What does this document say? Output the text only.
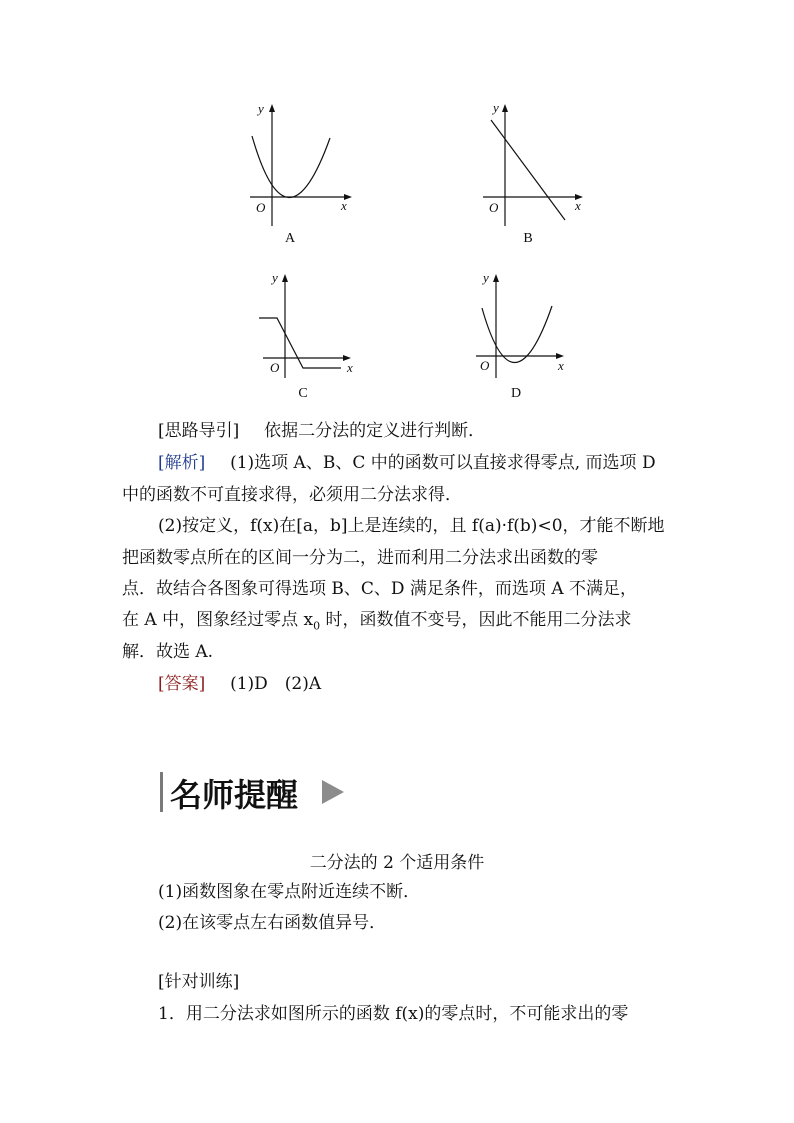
y
x
O
A
y
x
O
B
y
x
O
C
y
x
O
D
[思路导引] 依据二分法的定义进行判断．
[解析] (1)选项 A、B、C 中的函数可以直接求得零点, 而选项 D
中的函数不可直接求得，必须用二分法求得．
(2)按定义，f(x)在[a，b]上是连续的，且 f(a)·f(b)<0，才能不断地
把函数零点所在的区间一分为二，进而利用二分法求出函数的零
点．故结合各图象可得选项 B、C、D 满足条件，而选项 A 不满足，
在 A 中，图象经过零点 $x_0$ 时，函数值不变号，因此不能用二分法求
解．故选 A.
[答案] (1)D　(2)A
名师提醒
二分法的 2 个适用条件
(1)函数图象在零点附近连续不断．
(2)在该零点左右函数值异号．
[针对训练]
1．用二分法求如图所示的函数 f(x)的零点时，不可能求出的零
